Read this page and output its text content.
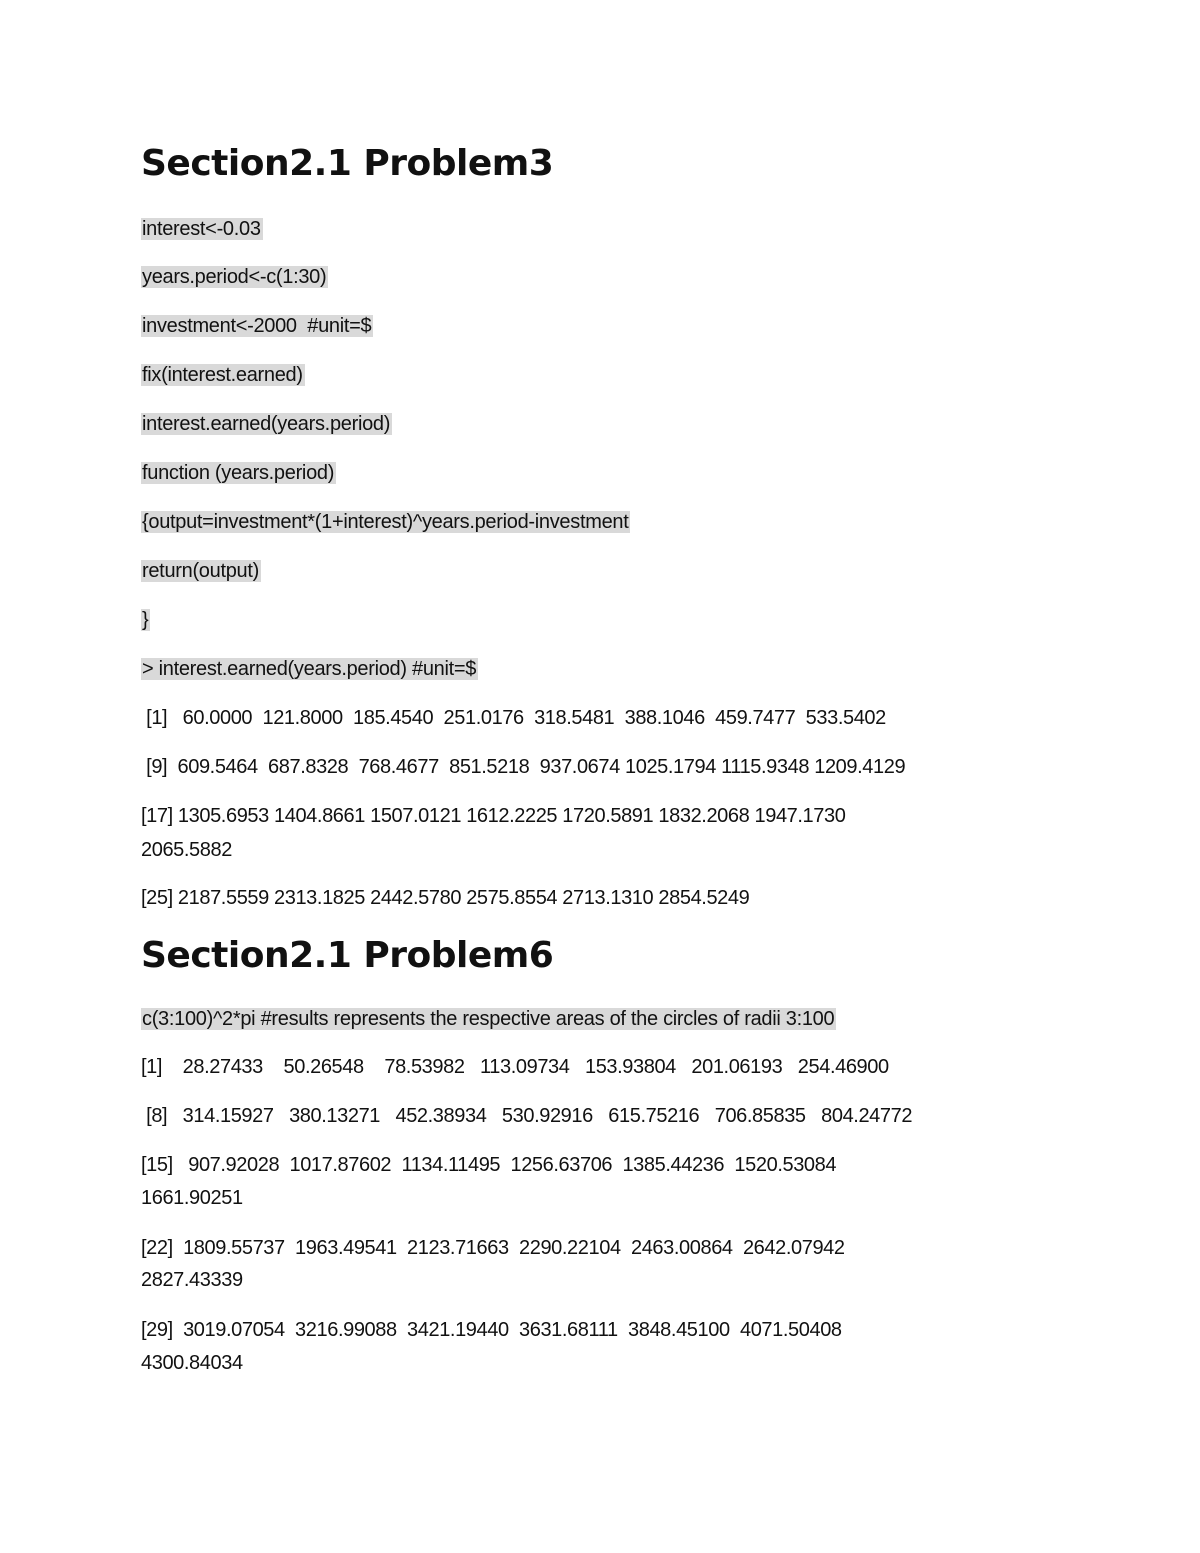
Section2.1 Problem3

interest<-0.03

years.period<-c(1:30)

investment<-2000  #unit=$

fix(interest.earned)

interest.earned(years.period)

function (years.period)

{output=investment*(1+interest)^years.period-investment

return(output)

}

> interest.earned(years.period) #unit=$

[1]   60.0000  121.8000  185.4540  251.0176  318.5481  388.1046  459.7477  533.5402

[9]  609.5464  687.8328  768.4677  851.5218  937.0674 1025.1794 1115.9348 1209.4129

[17] 1305.6953 1404.8661 1507.0121 1612.2225 1720.5891 1832.2068 1947.1730

2065.5882

[25] 2187.5559 2313.1825 2442.5780 2575.8554 2713.1310 2854.5249

Section2.1 Problem6

c(3:100)^2*pi #results represents the respective areas of the circles of radii 3:100

[1]    28.27433    50.26548    78.53982   113.09734   153.93804   201.06193   254.46900

[8]   314.15927   380.13271   452.38934   530.92916   615.75216   706.85835   804.24772

[15]   907.92028  1017.87602  1134.11495  1256.63706  1385.44236  1520.53084

1661.90251

[22]  1809.55737  1963.49541  2123.71663  2290.22104  2463.00864  2642.07942

2827.43339

[29]  3019.07054  3216.99088  3421.19440  3631.68111  3848.45100  4071.50408

4300.84034
